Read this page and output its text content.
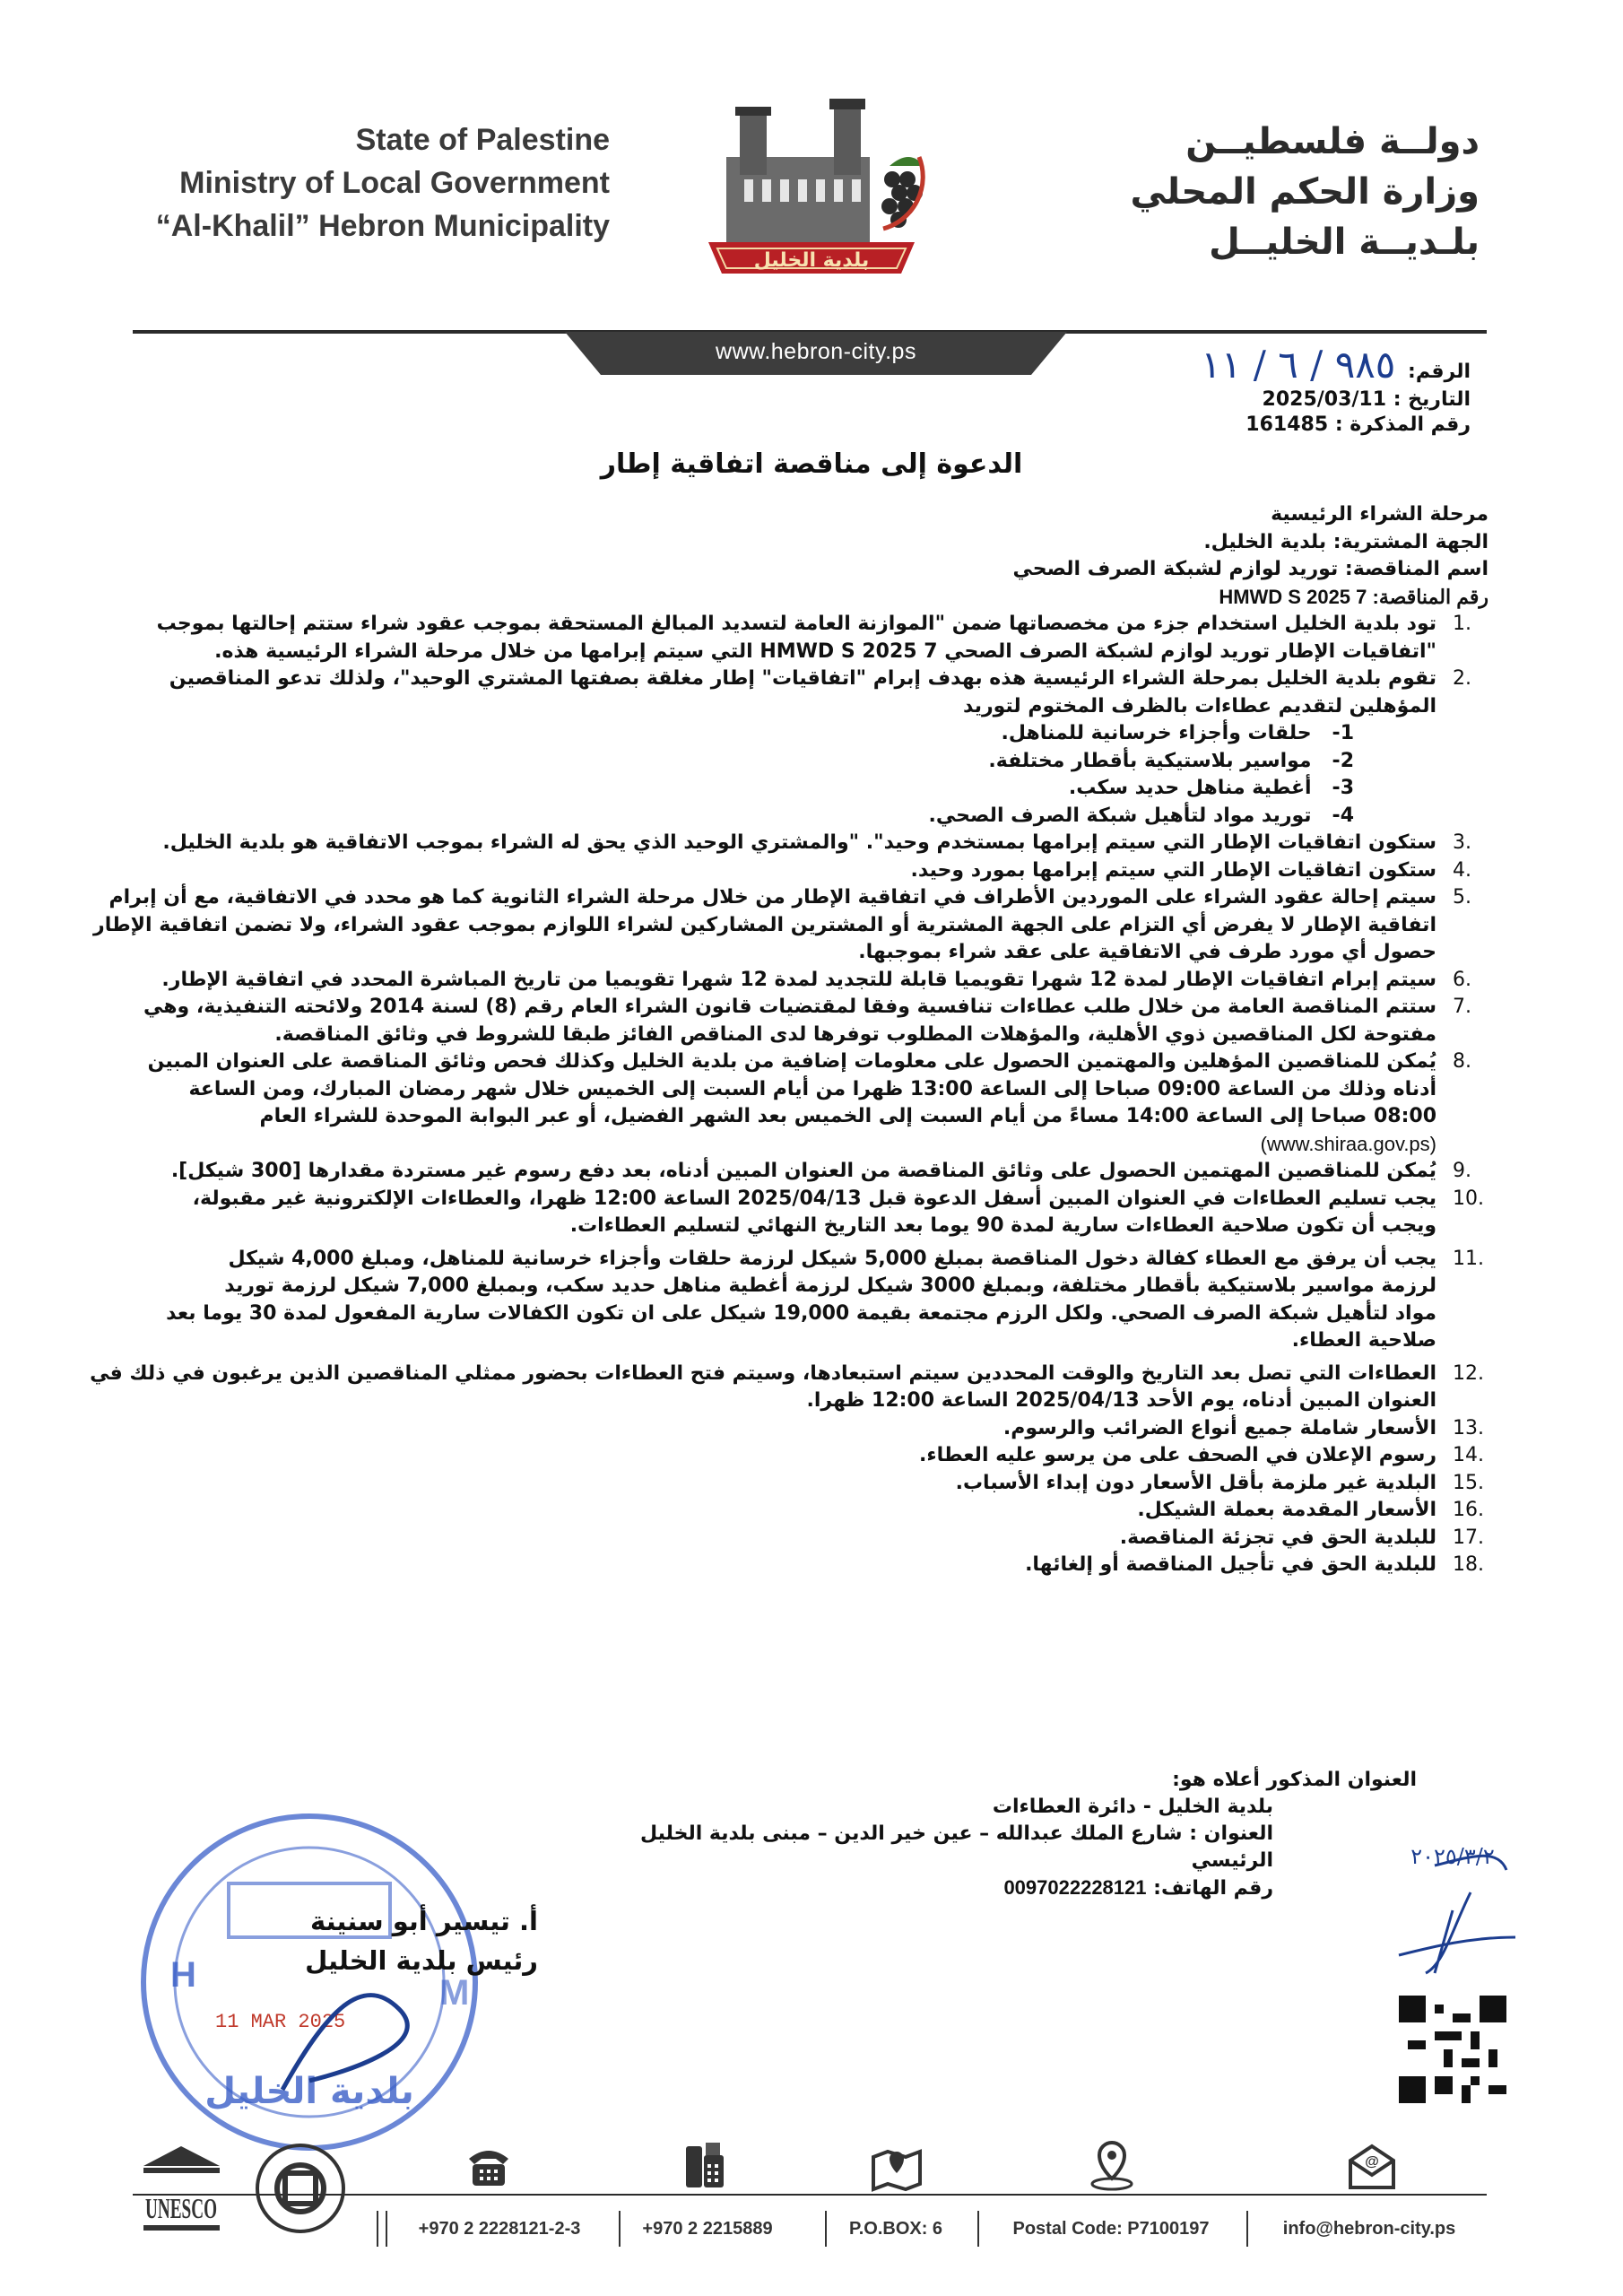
State of Palestine
Ministry of Local Government
“Al-Khalil” Hebron Municipality
بلدية الخليل
دولــة فلسطيــن
وزارة الحكم المحلي
بلـديــة الخليــل
www.hebron-city.ps
الرقم: ٩٨٥ / ٦ / ١١
التاريخ : 2025/03/11
رقم المذكرة : 161485
الدعوة إلى مناقصة اتفاقية إطار
مرحلة الشراء الرئيسية
الجهة المشترية: بلدية الخليل.
اسم المناقصة: توريد لوازم لشبكة الصرف الصحي
رقم المناقصة: HMWD S 2025 7
1.
تود بلدية الخليل استخدام جزء من مخصصاتها ضمن "الموازنة العامة لتسديد المبالغ المستحقة بموجب عقود شراء ستتم إحالتها بموجب
"اتفاقيات الإطار توريد لوازم لشبكة الصرف الصحي HMWD S 2025 7 التي سيتم إبرامها من خلال مرحلة الشراء الرئيسية هذه.
2.
تقوم بلدية الخليل بمرحلة الشراء الرئيسية هذه بهدف إبرام "اتفاقيات" إطار مغلقة بصفتها المشتري الوحيد"، ولذلك تدعو المناقصين
المؤهلين لتقديم عطاءات بالظرف المختوم لتوريد
1-   حلقات وأجزاء خرسانية للمناهل.
2-   مواسير بلاستيكية بأقطار مختلفة.
3-   أغطية مناهل حديد سكب.
4-   توريد مواد لتأهيل شبكة الصرف الصحي.
3.
ستكون اتفاقيات الإطار التي سيتم إبرامها بمستخدم وحيد". "والمشتري الوحيد الذي يحق له الشراء بموجب الاتفاقية هو بلدية الخليل.
4.
ستكون اتفاقيات الإطار التي سيتم إبرامها بمورد وحيد.
5.
سيتم إحالة عقود الشراء على الموردين الأطراف في اتفاقية الإطار من خلال مرحلة الشراء الثانوية كما هو محدد في الاتفاقية، مع أن إبرام
اتفاقية الإطار لا يفرض أي التزام على الجهة المشترية أو المشترين المشاركين لشراء اللوازم بموجب عقود الشراء، ولا تضمن اتفاقية الإطار
حصول أي مورد طرف في الاتفاقية على عقد شراء بموجبها.
6.
سيتم إبرام اتفاقيات الإطار لمدة 12 شهرا تقويميا قابلة للتجديد لمدة 12 شهرا تقويميا من تاريخ المباشرة المحدد في اتفاقية الإطار.
7.
ستتم المناقصة العامة من خلال طلب عطاءات تنافسية وفقا لمقتضيات قانون الشراء العام رقم (8) لسنة 2014 ولائحته التنفيذية، وهي
مفتوحة لكل المناقصين ذوي الأهلية، والمؤهلات المطلوب توفرها لدى المناقص الفائز طبقا للشروط في وثائق المناقصة.
8.
يُمكن للمناقصين المؤهلين والمهتمين الحصول على معلومات إضافية من بلدية الخليل وكذلك فحص وثائق المناقصة على العنوان المبين
أدناه وذلك من الساعة 09:00 صباحا إلى الساعة 13:00 ظهرا من أيام السبت إلى الخميس خلال شهر رمضان المبارك، ومن الساعة
08:00 صباحا إلى الساعة 14:00 مساءً من أيام السبت إلى الخميس بعد الشهر الفضيل، أو عبر البوابة الموحدة للشراء العام
(www.shiraa.gov.ps)
9.
يُمكن للمناقصين المهتمين الحصول على وثائق المناقصة من العنوان المبين أدناه، بعد دفع رسوم غير مستردة مقدارها [300 شيكل].
10.
يجب تسليم العطاءات في العنوان المبين أسفل الدعوة قبل 2025/04/13 الساعة 12:00 ظهرا، والعطاءات الإلكترونية غير مقبولة،
ويجب أن تكون صلاحية العطاءات سارية لمدة 90 يوما بعد التاريخ النهائي لتسليم العطاءات.
11.
يجب أن يرفق مع العطاء كفالة دخول المناقصة بمبلغ 5,000 شيكل لرزمة حلقات وأجزاء خرسانية للمناهل، ومبلغ 4,000 شيكل
لرزمة مواسير بلاستيكية بأقطار مختلفة، وبمبلغ 3000 شيكل لرزمة أغطية مناهل حديد سكب، وبمبلغ 7,000 شيكل لرزمة توريد
مواد لتأهيل شبكة الصرف الصحي. ولكل الرزم مجتمعة بقيمة 19,000 شيكل على ان تكون الكفالات سارية المفعول لمدة 30 يوما بعد
صلاحية العطاء.
12.
العطاءات التي تصل بعد التاريخ والوقت المحددين سيتم استبعادها، وسيتم فتح العطاءات بحضور ممثلي المناقصين الذين يرغبون في ذلك في
العنوان المبين أدناه، يوم الأحد 2025/04/13 الساعة 12:00 ظهرا.
13.
الأسعار شاملة جميع أنواع الضرائب والرسوم.
14.
رسوم الإعلان في الصحف على من يرسو عليه العطاء.
15.
البلدية غير ملزمة بأقل الأسعار دون إبداء الأسباب.
16.
الأسعار المقدمة بعملة الشيكل.
17.
للبلدية الحق في تجزئة المناقصة.
18.
للبلدية الحق في تأجيل المناقصة أو إلغائها.
العنوان المذكور أعلاه هو:
بلدية الخليل - دائرة العطاءات
العنوان : شارع الملك عبدالله – عين خير الدين – مبنى بلدية الخليل الرئيسي
رقم الهاتف: 0097022228121
H	M
11 MAR 2025
بلدية الخليل
أ. تيسير أبو سنينة
رئيس بلدية الخليل
٢٠٢٥/٣/٢
UNESCO
+970 2 2228121-2-3	+970 2 2215889	P.O.BOX: 6	Postal Code: P7100197
@
info@hebron-city.ps
